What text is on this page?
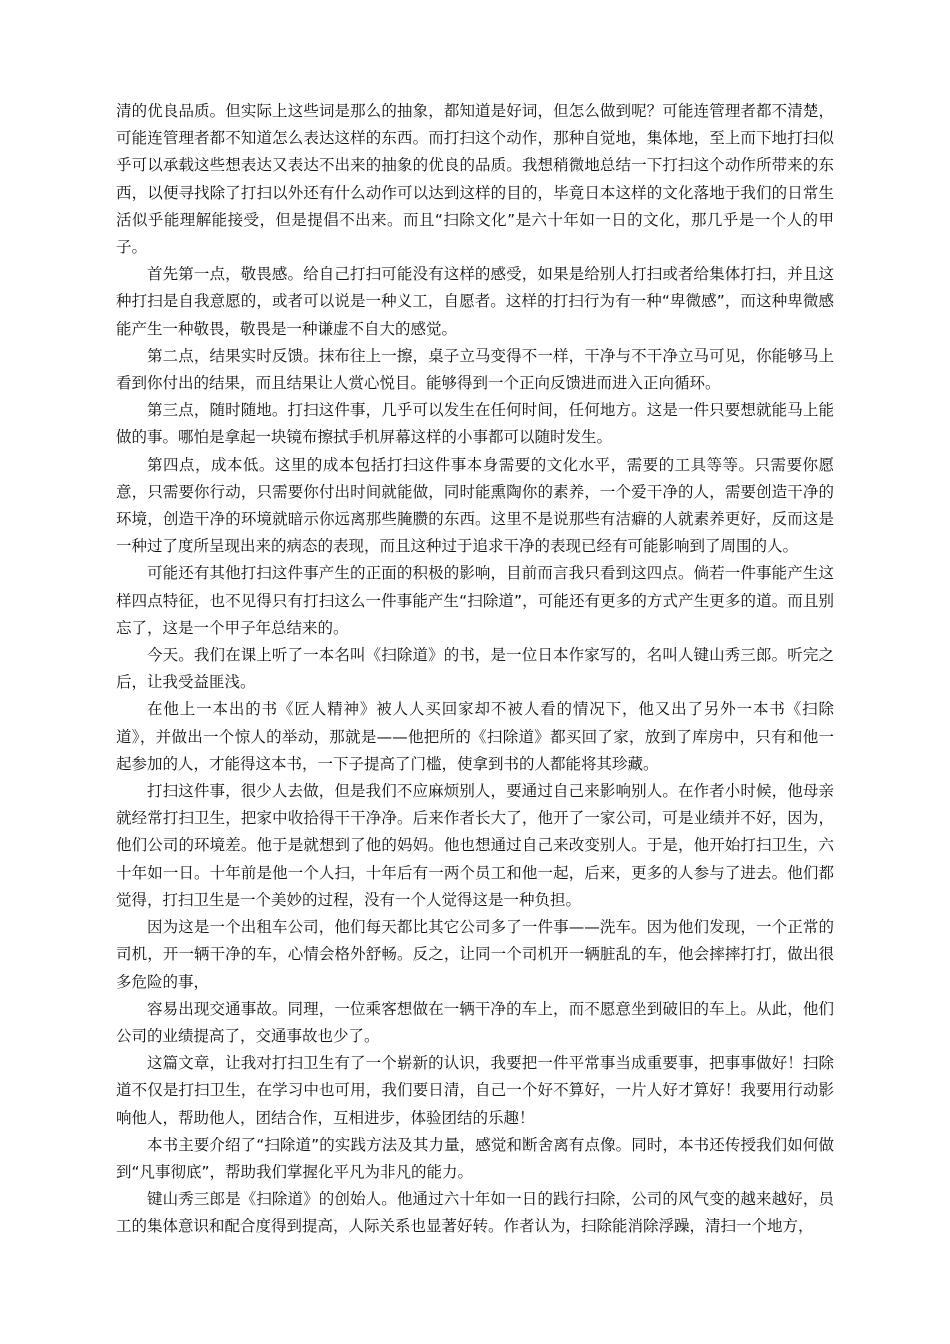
清的优良品质。但实际上这些词是那么的抽象，都知道是好词，但怎么做到呢？可能连管理者都不清楚，可能连管理者都不知道怎么表达这样的东西。而打扫这个动作，那种自觉地，集体地，至上而下地打扫似乎可以承载这些想表达又表达不出来的抽象的优良的品质。我想稍微地总结一下打扫这个动作所带来的东西，以便寻找除了打扫以外还有什么动作可以达到这样的目的，毕竟日本这样的文化落地于我们的日常生活似乎能理解能接受，但是提倡不出来。而且“扫除文化”是六十年如一日的文化，那几乎是一个人的甲子。

首先第一点，敬畏感。给自己打扫可能没有这样的感受，如果是给别人打扫或者给集体打扫，并且这种打扫是自我意愿的，或者可以说是一种义工，自愿者。这样的打扫行为有一种“卑微感”，而这种卑微感能产生一种敬畏，敬畏是一种谦虚不自大的感觉。

第二点，结果实时反馈。抹布往上一擦，桌子立马变得不一样，干净与不干净立马可见，你能够马上看到你付出的结果，而且结果让人赏心悦目。能够得到一个正向反馈进而进入正向循环。

第三点，随时随地。打扫这件事，几乎可以发生在任何时间，任何地方。这是一件只要想就能马上能做的事。哪怕是拿起一块镜布擦拭手机屏幕这样的小事都可以随时发生。

第四点，成本低。这里的成本包括打扫这件事本身需要的文化水平，需要的工具等等。只需要你愿意，只需要你行动，只需要你付出时间就能做，同时能熏陶你的素养，一个爱干净的人，需要创造干净的环境，创造干净的环境就暗示你远离那些腌臜的东西。这里不是说那些有洁癖的人就素养更好，反而这是一种过了度所呈现出来的病态的表现，而且这种过于追求干净的表现已经有可能影响到了周围的人。

可能还有其他打扫这件事产生的正面的积极的影响，目前而言我只看到这四点。倘若一件事能产生这样四点特征，也不见得只有打扫这么一件事能产生“扫除道”，可能还有更多的方式产生更多的道。而且别忘了，这是一个甲子年总结来的。

今天。我们在课上听了一本名叫《扫除道》的书，是一位日本作家写的，名叫人键山秀三郎。听完之后，让我受益匪浅。

在他上一本出的书《匠人精神》被人人买回家却不被人看的情况下，他又出了另外一本书《扫除道》，并做出一个惊人的举动，那就是——他把所的《扫除道》都买回了家，放到了库房中，只有和他一起参加的人，才能得这本书，一下子提高了门槛，使拿到书的人都能将其珍藏。

打扫这件事，很少人去做，但是我们不应麻烦别人，要通过自己来影响别人。在作者小时候，他母亲就经常打扫卫生，把家中收拾得干干净净。后来作者长大了，他开了一家公司，可是业绩并不好，因为，他们公司的环境差。他于是就想到了他的妈妈。他也想通过自己来改变别人。于是，他开始打扫卫生，六十年如一日。十年前是他一个人扫，十年后有一两个员工和他一起，后来，更多的人参与了进去。他们都觉得，打扫卫生是一个美妙的过程，没有一个人觉得这是一种负担。

因为这是一个出租车公司，他们每天都比其它公司多了一件事——洗车。因为他们发现，一个正常的司机，开一辆干净的车，心情会格外舒畅。反之，让同一个司机开一辆脏乱的车，他会摔摔打打，做出很多危险的事，

容易出现交通事故。同理，一位乘客想做在一辆干净的车上，而不愿意坐到破旧的车上。从此，他们公司的业绩提高了，交通事故也少了。

这篇文章，让我对打扫卫生有了一个崭新的认识，我要把一件平常事当成重要事，把事事做好！扫除道不仅是打扫卫生，在学习中也可用，我们要日清，自己一个好不算好，一片人好才算好！我要用行动影响他人，帮助他人，团结合作，互相进步，体验团结的乐趣！

本书主要介绍了“扫除道”的实践方法及其力量，感觉和断舍离有点像。同时，本书还传授我们如何做到“凡事彻底”，帮助我们掌握化平凡为非凡的能力。

键山秀三郎是《扫除道》的创始人。他通过六十年如一日的践行扫除，公司的风气变的越来越好，员工的集体意识和配合度得到提高，人际关系也显著好转。作者认为，扫除能消除浮躁，清扫一个地方，
